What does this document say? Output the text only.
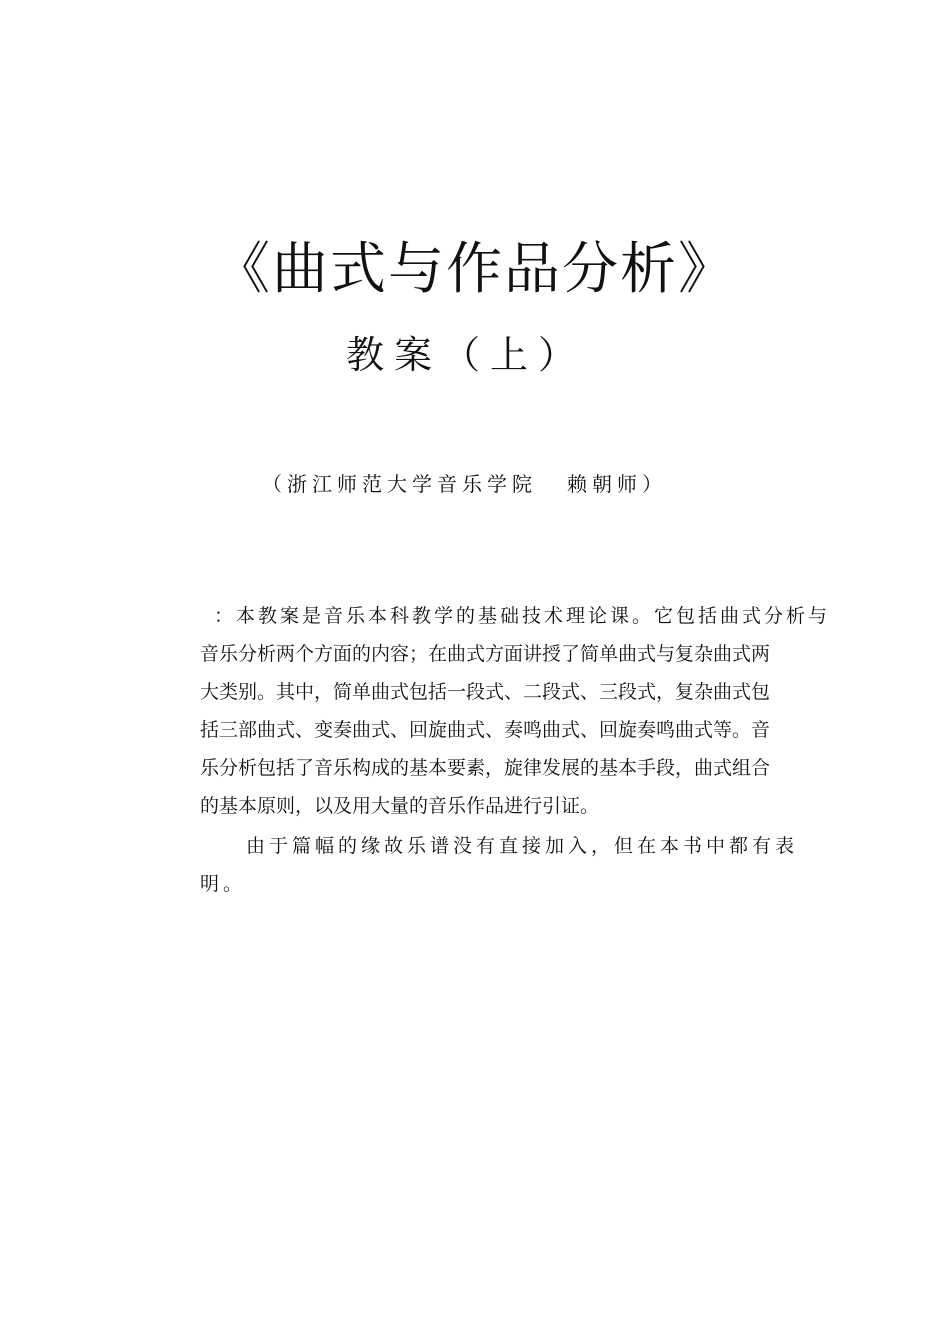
《曲式与作品分析》
教案（上）
（浙江师范大学音乐学院 赖朝师）
：本教案是音乐本科教学的基础技术理论课。它包括曲式分析与
音乐分析两个方面的内容；在曲式方面讲授了简单曲式与复杂曲式两
大类别。其中，简单曲式包括一段式、二段式、三段式，复杂曲式包
括三部曲式、变奏曲式、回旋曲式、奏鸣曲式、回旋奏鸣曲式等。音
乐分析包括了音乐构成的基本要素，旋律发展的基本手段，曲式组合
的基本原则，以及用大量的音乐作品进行引证。
由于篇幅的缘故乐谱没有直接加入，但在本书中都有表
明。
